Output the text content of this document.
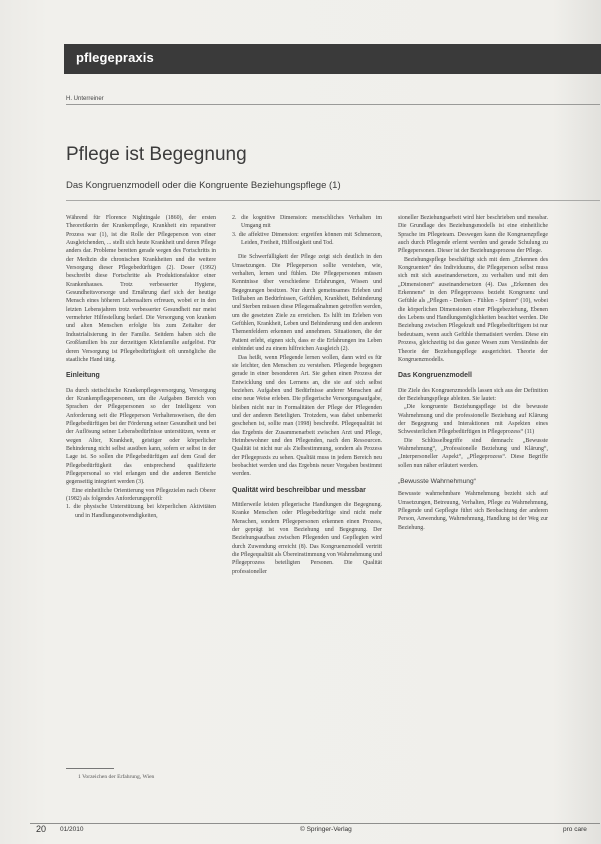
pflegepraxis
H. Unterreiner
Pflege ist Begegnung
Das Kongruenzmodell oder die Kongruente Beziehungspflege (1)

Während für Florence Nightingale (1860), der ersten Theoretikerin der Krankenpflege, Krankheit ein reparativer Prozess war (1), ist die Rolle der Pflegeperson von einer Ausgleichenden, ... stellt sich heute Krankheit und deren Pflege anders dar. Probleme bereiten gerade wegen des Fortschritts in der Medizin die chronischen Krankheiten und die weitere Versorgung dieser Pflegebedürftigen (2). Doser (1992) beschreibt diese Fortschritte als Produktionsfaktor einer Krankenhauses. Trotz verbesserter Hygiene, Gesundheitsvorsorge und Ernährung darf sich der heutige Mensch eines höheren Lebensalters erfreuen, wobei er in den letzten Lebensjahren trotz verbesserter Gesundheit nur meist vermehrter Hilfestellung bedarf. Die Versorgung von kranken und alten Menschen erfolgte bis zum Zeitalter der Industrialisierung in der Familie. Seitdem haben sich die Großfamilien bis zur derzeitigen Kleinfamilie aufgelöst. Für deren Versorgung ist Pflegebedürftigkeit oft unmögliche die staatliche Hand tätig.

Einleitung

Da durch stetischische Krankenpflegeversorgung, Versorgung der Krankenpflegepersonen, um die Aufgaben Bereich von Sprachen der Pflegepersonen so der Intelligenz von Anforderung seit die Pflegeperson Verhaltensweisen, die den Pflegebedürftigen bei der Förderung seiner Gesundheit und bei der Auflösung seiner Lebensbedürfnisse unterstützen, wenn er wegen Alter, Krankheit, geistiger oder körperlicher Behinderung nicht selbst ausüben kann, sofern er selbst in der Lage ist. So sollen die Pflegebedürftigen auf dem Grad der Pflegebedürftigkeit das entsprechend qualifizierte Pflegepersonal so viel erlangen und die anderen Bereiche gegenseitig integriert werden (3).

Eine einheitliche Orientierung von Pflegezielen nach Oberer (1982) als folgendes Anforderungsprofil:

1. die physische Unterstützung bei körperlichen Aktivitäten und in Handlungsnotwendigkeiten,

2. die kognitive Dimension: menschliches Verhalten im Umgang mit

3. die affektive Dimension: ergreifen können mit Schmerzen, Leiden, Freiheit, Hilflosigkeit und Tod.

Die Schwerfälligkeit der Pflege zeigt sich deutlich in den Umsetzungen. Die Pflegeperson sollte verstehen, wie, verhalten, lernen und fühlen. Die Pflegepersonen müssen Kenntnisse über verschiedene Erfahrungen, Wissen und Begegnungen besitzen. Nur durch gemeinsames Erleben und Teilhaben an Bedürfnissen, Gefühlen, Krankheit, Behinderung und Sterben müssen diese Pflegemaßnahmen getroffen werden, um die gesetzten Ziele zu erreichen. Es hilft im Erleben von Gefühlen, Krankheit, Leben und Behinderung und den anderen Themenfeldern erkennen und annehmen. Situationen, die der Patient erlebt, eignen sich, dass er die Erfahrungen ins Leben einbindet und zu einem hilfreichen Ausgleich (2).

Das heißt, wenn Pflegende lernen wollen, dann wird es für sie leichter, den Menschen zu verstehen. Pflegende begegnen gerade in einer besonderen Art. Sie gehen einen Prozess der Entwicklung und des Lernens an, die sie auf sich selbst beziehen. Aufgaben und Bedürfnisse anderer Menschen auf eine neue Weise erleben. Die pflegerische Versorgungsaufgabe, bleiben nicht nur in Formalitäten der Pflege der Pflegenden und der anderen Beteiligten. Trotzdem, was dabei unbemerkt geschehen ist, sollte man (1998) beschreibt. Pflegequalität ist das Ergebnis der Zusammenarbeit zwischen Arzt und Pflege, Heimbewohner und den Pflegenden, nach den Ressourcen. Qualität ist nicht nur als Zielbestimmung, sondern als Prozess der Pflegepraxis zu sehen. Qualität muss in jedem Bereich neu beobachtet werden und das Ergebnis neuer Vorgaben bestimmt werden.

Qualität wird beschreibbar und messbar

Mittlerweile leisten pflegerische Handlungen die Begegnung. Kranke Menschen oder Pflegebedürftige sind nicht mehr Menschen, sondern Pflegepersonen erkennen einen Prozess, der geprägt ist von Beziehung und Begegnung. Der Beziehungsaufbau zwischen Pflegenden und Gepflegten wird durch Zuwendung erreicht (8). Das Kongruenzmodell vertritt die Pflegequalität als Übereinstimmung von Wahrnehmung und Pflegeprozess beteiligten Personen. Die Qualität professioneller

sioneller Beziehungsarbeit wird hier beschrieben und messbar. Die Grundlage des Beziehungsmodells ist eine einheitliche Sprache im Pflegeteam. Deswegen kann die Kongruenzpflege auch durch Pflegende erlernt werden und gerade Schulung zu Pflegepersonen. Dieser ist der Beziehungsprozess der Pflege.

Beziehungspflege beschäftigt sich mit dem „Erkennen des Kongruenten“ des Individuums, die Pflegeperson selbst muss sich mit sich auseinandersetzen, zu verhalten und mit den „Dimensionen“ auseinandersetzen (4). Das „Erkennen des Erkennens“ in den Pflegeprozess bezieht Kongruenz und Gefühle als „Pflegen - Denken - Fühlen - Spüren“ (10), wobei die körperlichen Dimensionen einer Pflegebeziehung, Ebenen des Lebens und Handlungsmöglichkeiten beachtet werden. Die Beziehung zwischen Pflegekraft und Pflegebedürftigem ist nur bedeutsam, wenn auch Gefühle thematisiert werden. Diese ein Prozess, gleichzeitig ist das ganze Wesen zum Verständnis der Theorie der Beziehungspflege ausgerichtet. Theorie der Kongruenzmodells.

Das Kongruenzmodell

Die Ziele des Kongruenzmodells lassen sich aus der Definition der Beziehungspflege ableiten. Sie lautet:

„Die kongruente Beziehungspflege ist die bewusste Wahrnehmung und die professionelle Beziehung auf Klärung der Begegnung und Interaktionen mit Aspekten eines Schwesterlichen Pflegebedürftigen in Pflegeprozess“ (11)

Die Schlüsselbegriffe sind demnach: „Bewusste Wahrnehmung“, „Professionelle Beziehung und Klärung“, „Interpersoneller Aspekt“, „Pflegeprozess“. Diese Begriffe sollen nun näher erläutert werden.

„Bewusste Wahrnehmung“

Bewusste wahrnehmbare Wahrnehmung bezieht sich auf Umsetzungen, Betreuung, Verhalten, Pflege zu Wahrnehmung, Pflegende und Gepflegte führt sich Beobachtung der anderen Person, Anwendung, Wahrnehmung, Handlung ist der Weg zur Beziehung.

1 Vorzeichen der Erfahrung, Wien
20 01/2010	© Springer-Verlag	pro care
